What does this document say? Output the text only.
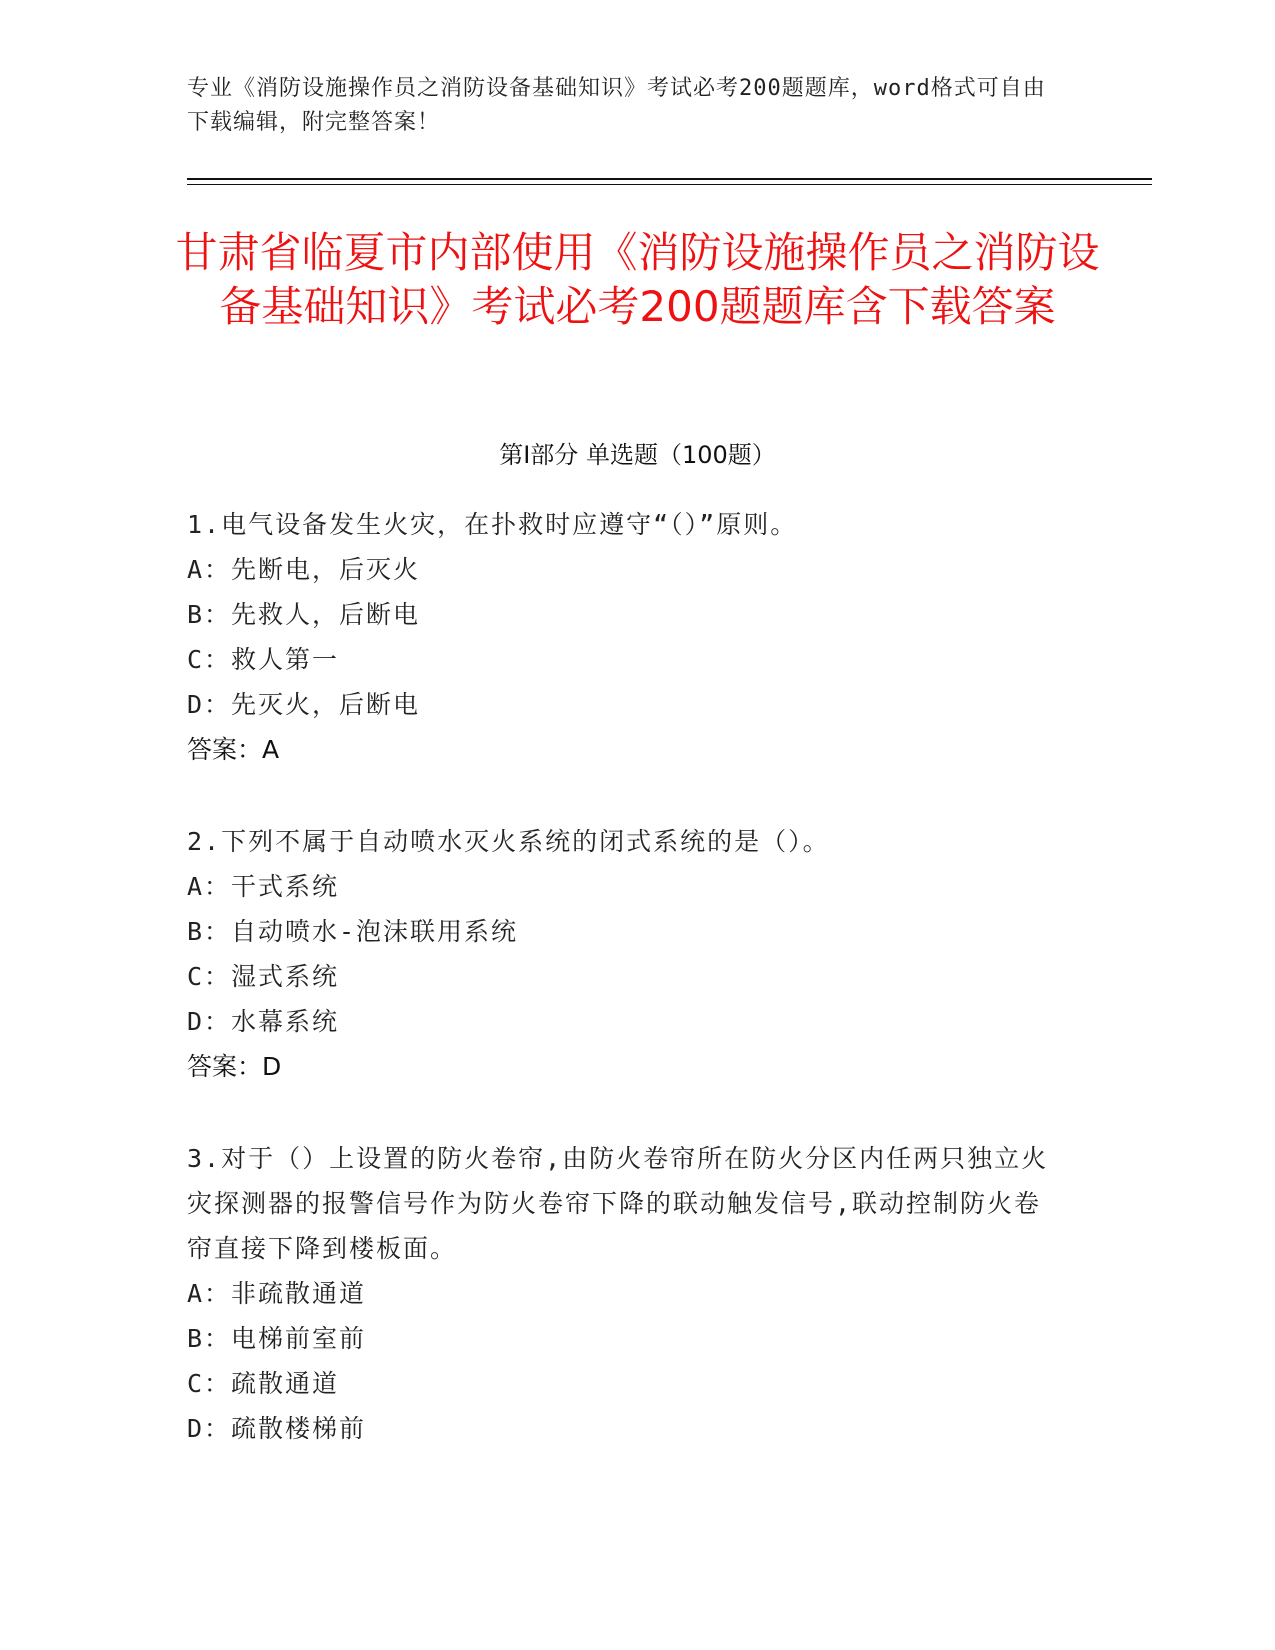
专业《消防设施操作员之消防设备基础知识》考试必考200题题库，word格式可自由下载编辑，附完整答案！
甘肃省临夏市内部使用《消防设施操作员之消防设备基础知识》考试必考200题题库含下载答案
第I部分 单选题（100题）

1.电气设备发生火灾，在扑救时应遵守“（）”原则。

A：先断电，后灭火

B：先救人，后断电

C：救人第一

D：先灭火，后断电

答案：A

2.下列不属于自动喷水灭火系统的闭式系统的是（）。

A：干式系统

B：自动喷水-泡沫联用系统

C：湿式系统

D：水幕系统

答案：D

3.对于（）上设置的防火卷帘,由防火卷帘所在防火分区内任两只独立火灾探测器的报警信号作为防火卷帘下降的联动触发信号,联动控制防火卷帘直接下降到楼板面。

A：非疏散通道

B：电梯前室前

C：疏散通道

D：疏散楼梯前
